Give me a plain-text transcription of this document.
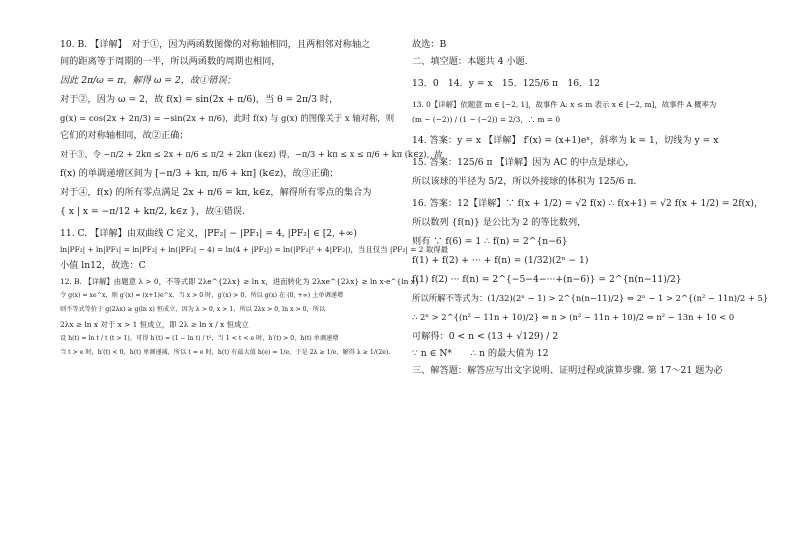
10. B. 【详解】　对于①，因为两函数图像的对称轴相同，且两相邻对称轴之
间的距离等于周期的一半，所以两函数的周期也相同，
因此 2π/ω = π，解得 ω = 2，故①错误；
对于②，因为 ω = 2，故 f(x) = sin(2x + π/6)，当 θ = 2π/3 时，
g(x) = cos(2x + 2π/3) = −sin(2x + π/6)，此时 f(x) 与 g(x) 的图像关于 x 轴对称，则
它们的对称轴相同，故②正确；
对于③，令 −π/2 + 2kπ ≤ 2x + π/6 ≤ π/2 + 2kπ (k∈z) 得，−π/3 + kπ ≤ x ≤ π/6 + kπ (k∈z)，故
f(x) 的单调递增区间为 [−π/3 + kπ, π/6 + kπ] (k∈z)，故③正确；
对于④，f(x) 的所有零点满足 2x + π/6 = kπ, k∈z，解得所有零点的集合为
{ x | x = −π/12 + kπ/2, k∈z }，故④错误.
11. C. 【详解】由双曲线 C 定义，|PF₂| − |PF₁| = 4, |PF₂| ∈ [2, +∞)
ln|PF₂| + ln|PF₁| = ln|PF₂| + ln(|PF₂| − 4) = ln(4 + |PF₂|) = ln(|PF₂|² + 4|PF₂|)，当且仅当 |PF₂| = 2 取得最
小值 ln12，故选：C
12. B. 【详解】由题意 λ > 0，不等式即 2λe^{2λx} ≥ ln x，进而转化为 2λxe^{2λx} ≥ ln x·e^{ln x}
令 g(x) = xe^x，则 g′(x) = (x+1)e^x，当 x > 0 时，g′(x) > 0，所以 g(x) 在 (0, +∞) 上单调递增
则不等式等价于 g(2λx) ≥ g(ln x) 恒成立，因为 λ > 0, x > 1，所以 2λx > 0, ln x > 0，所以
2λx ≥ ln x 对于 x > 1 恒成立，即 2λ ≥ ln x / x 恒成立
设 h(t) = ln t / t (t > 1)，可得 h′(t) = (1 − ln t) / t²，当 1 < t < e 时，h′(t) > 0，h(t) 单调递增
当 t > e 时，h′(t) < 0，h(t) 单调递减，所以 t = e 时，h(t) 有最大值 h(e) = 1/e，于是 2λ ≥ 1/e，解得 λ ≥ 1/(2e).
故选：B
二、填空题：本题共 4 小题.
13．0　14．y = x　15．125/6 π　16．12
13. 0【详解】依题意 m ∈ [−2, 1]，故事件 A: x ≤ m 表示 x ∈ [−2, m]，故事件 A 概率为
(m − (−2)) / (1 − (−2)) = 2/3，∴ m = 0
14. 答案：y = x 【详解】 f′(x) = (x+1)eˣ，斜率为 k = 1，切线为 y = x
15. 答案：125/6 π 【详解】因为 AC 的中点是球心，
所以该球的半径为 5/2，所以外接球的体积为 125/6 π.
16. 答案：12【详解】∵ f(x + 1/2) = √2 f(x) ∴ f(x+1) = √2 f(x + 1/2) = 2f(x)，
所以数列 {f(n)} 是公比为 2 的等比数列，
则有 ∵ f(6) = 1 ∴ f(n) = 2^{n−6}
f(1) + f(2) + ··· + f(n) = (1/32)(2ⁿ − 1)
f(1) f(2) ··· f(n) = 2^{−5−4−···+(n−6)} = 2^{n(n−11)/2}
所以所解不等式为：(1/32)(2ⁿ − 1) > 2^{n(n−11)/2} ⇔ 2ⁿ − 1 > 2^{(n² − 11n)/2 + 5}
∴ 2ⁿ > 2^{(n² − 11n + 10)/2} ⇔ n > (n² − 11n + 10)/2 ⇔ n² − 13n + 10 < 0
可解得：0 < n < (13 + √129) / 2
∵ n ∈ N*　　∴ n 的最大值为 12
三、解答题：解答应写出文字说明、证明过程或演算步骤. 第 17～21 题为必
